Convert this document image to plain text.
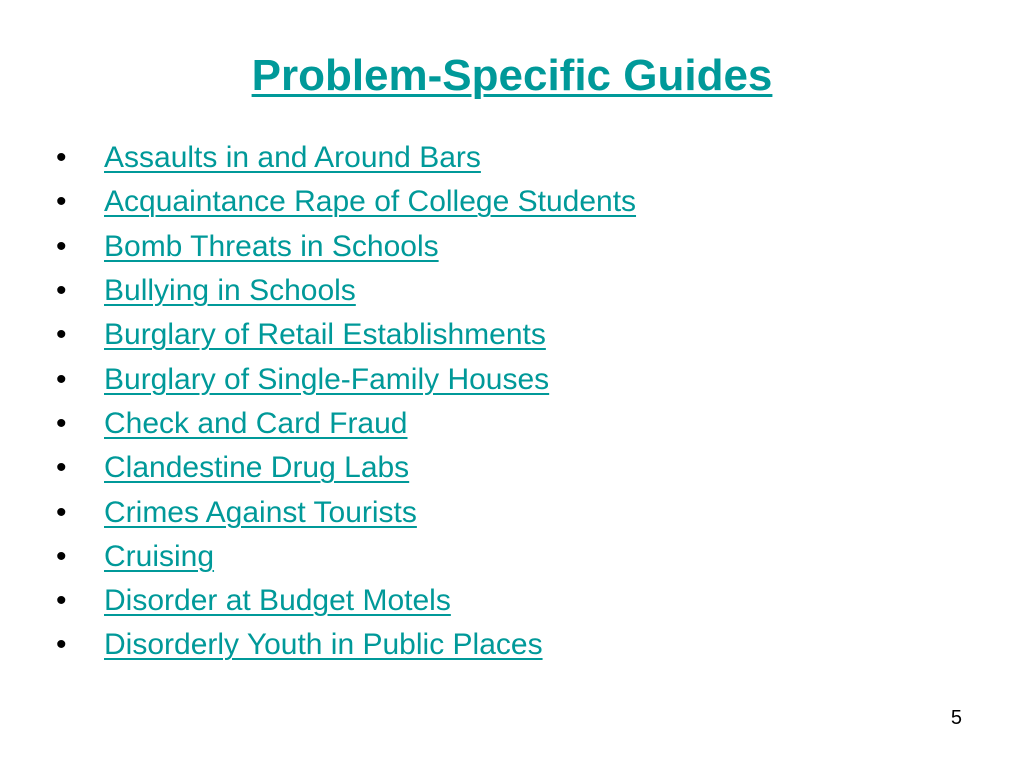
Problem-Specific Guides
•	Assaults in and Around Bars
•	Acquaintance Rape of College Students
•	Bomb Threats in Schools
•	Bullying in Schools
•	Burglary of Retail Establishments
•	Burglary of Single-Family Houses
•	Check and Card Fraud
•	Clandestine Drug Labs
•	Crimes Against Tourists
•	Cruising
•	Disorder at Budget Motels
•	Disorderly Youth in Public Places
5
